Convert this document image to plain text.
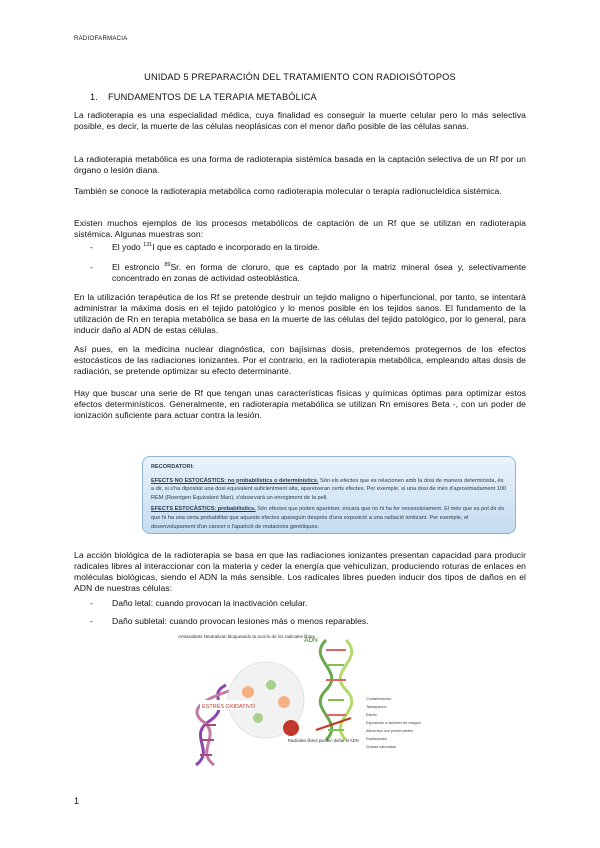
RADIOFARMACIA
UNIDAD 5 PREPARACIÓN DEL TRATAMIENTO CON RADIOISÓTOPOS
1. FUNDAMENTOS DE LA TERAPIA METABÓLICA

La radioterapia es una especialidad médica, cuya finalidad es conseguir la muerte celular pero lo más selectiva posible, es decir, la muerte de las células neoplásicas con el menor daño posible de las células sanas.

La radioterapia metabólica es una forma de radioterapia sistémica basada en la captación selectiva de un Rf por un órgano o lesión diana.

También se conoce la radioterapia metabólica como radioterapia molecular o terapia radionucleídica sistémica.

Existen muchos ejemplos de los procesos metabólicos de captación de un Rf que se utilizan en radioterapia sistémica. Algunas muestras son:

- El yodo $^{131}$I que es captado e incorporado en la tiroide.
- El estroncio $^{89}$Sr. en forma de cloruro, que es captado por la matriz mineral ósea y, selectivamente concentrado en zonas de actividad osteoblástica.

En la utilización terapéutica de los Rf se pretende destruir un tejido maligno o hiperfuncional, por tanto, se intentará administrar la máxima dosis en el tejido patológico y lo menos posible en los tejidos sanos. El fundamento de la utilización de Rn en terapia metabólica se basa en la muerte de las células del tejido patológico, por lo general, para inducir daño al ADN de estas células.

Así pues, en la medicina nuclear diagnóstica, con bajísimas dosis, pretendemos protegernos de los efectos estocásticos de las radiaciones ionizantes. Por el contrario, en la radioterapia metabólica, empleando altas dosis de radiación, se pretende optimizar su efecto determinante.

Hay que buscar una serie de Rf que tengan unas características físicas y químicas óptimas para optimizar estos efectos determinísticos. Generalmente, en radioterapia metabólica se utilizan Rn emisores Beta -, con un poder de ionización suficiente para actuar contra la lesión.

RECORDATORI:
EFECTS NO ESTOCÀSTICS: no probabilístics o determinístics. Són els efectes que es relacionen amb la dosi de manera determinista, és a dir, si s'ha dipositat una dosi equivalent suficientment alta, apareixeran certs efectes. Per exemple, si una dosi de més d'aproximadament 100 REM (Roentgen Equivalent Man), s'observarà un enrogiment de la pell.
EFECTS ESTOCÀSTICS: probabilístics. Són efectes que poden aparèixer, encara que no hi ha fer necessàriament. El més que es pot dir és que hi ha una certa probabilitat que aquests efectes apareguin després d'una exposició a una radiació ionitzant. Per exemple, el desenvolupament d'un càncer o l'aparició de mutacions genètiques.

La acción biológica de la radioterapia se basa en que las radiaciones ionizantes presentan capacidad para producir radicales libres al interaccionar con la materia y ceder la energía que vehiculizan, produciendo roturas de enlaces en moléculas biológicas, siendo el ADN la más sensible. Los radicales libres pueden inducir dos tipos de daños en el ADN de nuestras células:

- Daño letal: cuando provocan la inactivación celular.
- Daño subletal: cuando provocan lesiones más o menos reparables.
ESTRÉS OXIDATIVO
ADN
Antioxidants Neutralizan bloqueando la acción de los radicales libres
Radicales libres pueden dañar el ADN
Contaminación
Tabaquismo
Estrés
Exposición a factores de riesgos
Alimentos con preservantes
Radiaciones
Grasas saturadas
1
